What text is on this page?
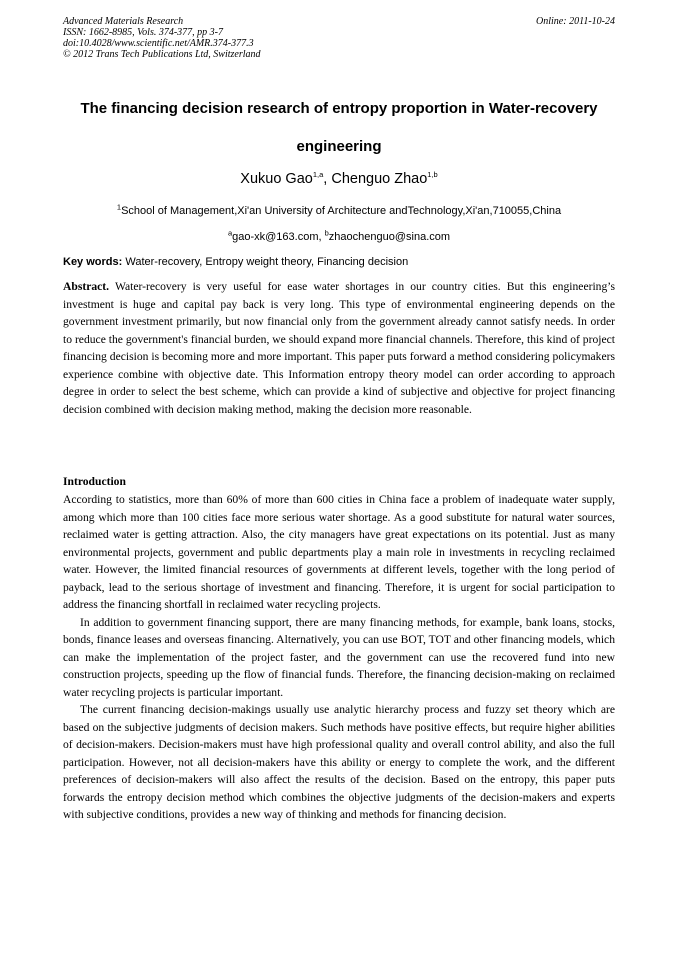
Advanced Materials Research
ISSN: 1662-8985, Vols. 374-377, pp 3-7
doi:10.4028/www.scientific.net/AMR.374-377.3
© 2012 Trans Tech Publications Ltd, Switzerland
Online: 2011-10-24
The financing decision research of entropy proportion in Water-recovery engineering
Xukuo Gao$^{1,a}$, Chenguo Zhao$^{1,b}$
$^1$School of Management,Xi'an University of Architecture andTechnology,Xi'an,710055,China
$^a$gao-xk@163.com, $^b$zhaochenguo@sina.com
Key words: Water-recovery, Entropy weight theory, Financing decision
Abstract. Water-recovery is very useful for ease water shortages in our country cities. But this engineering’s investment is huge and capital pay back is very long. This type of environmental engineering depends on the government investment primarily, but now financial only from the government already cannot satisfy needs. In order to reduce the government's financial burden, we should expand more financial channels. Therefore, this kind of project financing decision is becoming more and more important. This paper puts forward a method considering policymakers experience combine with objective date. This Information entropy theory model can order according to approach degree in order to select the best scheme, which can provide a kind of subjective and objective for project financing decision combined with decision making method, making the decision more reasonable.
Introduction

According to statistics, more than 60% of more than 600 cities in China face a problem of inadequate water supply, among which more than 100 cities face more serious water shortage. As a good substitute for natural water sources, reclaimed water is getting attraction. Also, the city managers have great expectations on its potential. Just as many environmental projects, government and public departments play a main role in investments in recycling reclaimed water. However, the limited financial resources of governments at different levels, together with the long period of payback, lead to the serious shortage of investment and financing. Therefore, it is urgent for social participation to address the financing shortfall in reclaimed water recycling projects.

In addition to government financing support, there are many financing methods, for example, bank loans, stocks, bonds, finance leases and overseas financing. Alternatively, you can use BOT, TOT and other financing models, which can make the implementation of the project faster, and the government can use the recovered fund into new construction projects, speeding up the flow of financial funds. Therefore, the financing decision-making on reclaimed water recycling projects is particular important.

The current financing decision-makings usually use analytic hierarchy process and fuzzy set theory which are based on the subjective judgments of decision makers. Such methods have positive effects, but require higher abilities of decision-makers. Decision-makers must have high professional quality and overall control ability, and also the full participation. However, not all decision-makers have this ability or energy to complete the work, and the different preferences of decision-makers will also affect the results of the decision. Based on the entropy, this paper puts forwards the entropy decision method which combines the objective judgments of the decision-makers and experts with subjective conditions, provides a new way of thinking and methods for financing decision.
